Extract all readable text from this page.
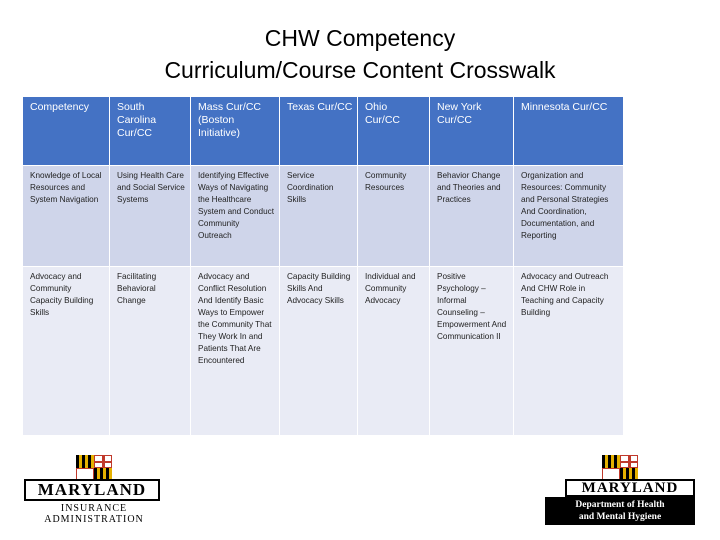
CHW Competency
Curriculum/Course Content Crosswalk
Competency	South Carolina Cur/CC	Mass Cur/CC (Boston Initiative)	Texas Cur/CC	Ohio Cur/CC	New York Cur/CC	Minnesota Cur/CC
Knowledge of Local Resources and System Navigation	Using Health Care and Social Service Systems	Identifying Effective Ways of Navigating the Healthcare System and Conduct Community Outreach	Service Coordination Skills	Community Resources	Behavior Change and Theories and Practices	Organization and Resources: Community and Personal Strategies And Coordination, Documentation, and Reporting
Advocacy and Community Capacity Building Skills	Facilitating Behavioral Change	Advocacy and Conflict Resolution And Identify Basic Ways to Empower the Community That They Work In and Patients That Are Encountered	Capacity Building Skills And Advocacy Skills	Individual and Community Advocacy	Positive Psychology – Informal Counseling – Empowerment And Communication II	Advocacy and Outreach And CHW Role in Teaching and Capacity Building
MARYLAND
INSURANCE
ADMINISTRATION
MARYLAND
Department of Health
and Mental Hygiene
